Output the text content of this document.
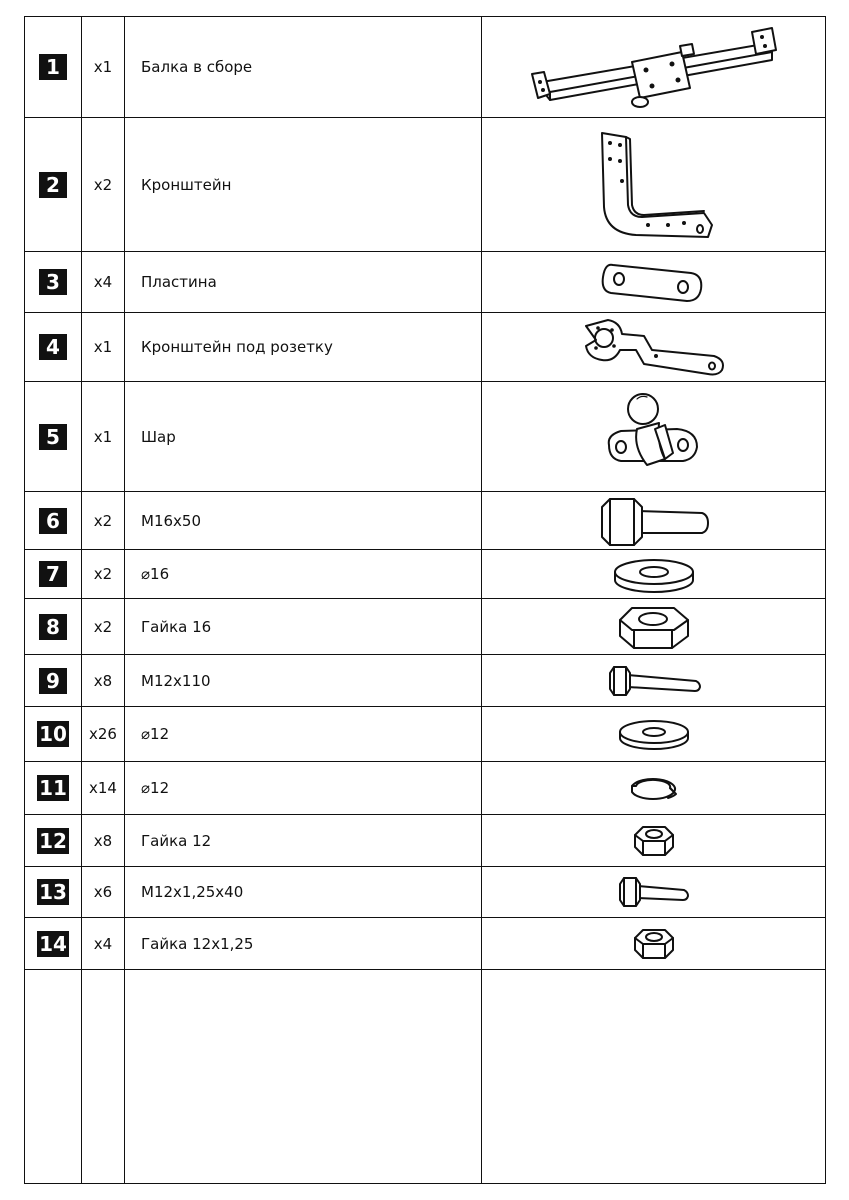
1	x1	Балка в сборе	

2	x2	Кронштейн	

3	x4	Пластина	

4	x1	Кронштейн под розетку	

5	x1	Шар	

6	x2	M16x50	

7	x2	⌀16	

8	x2	Гайка 16	

9	x8	M12x110	

10	x26	⌀12	

11	x14	⌀12	

12	x8	Гайка 12	

13	x6	M12x1,25x40	

14	x4	Гайка 12x1,25	
